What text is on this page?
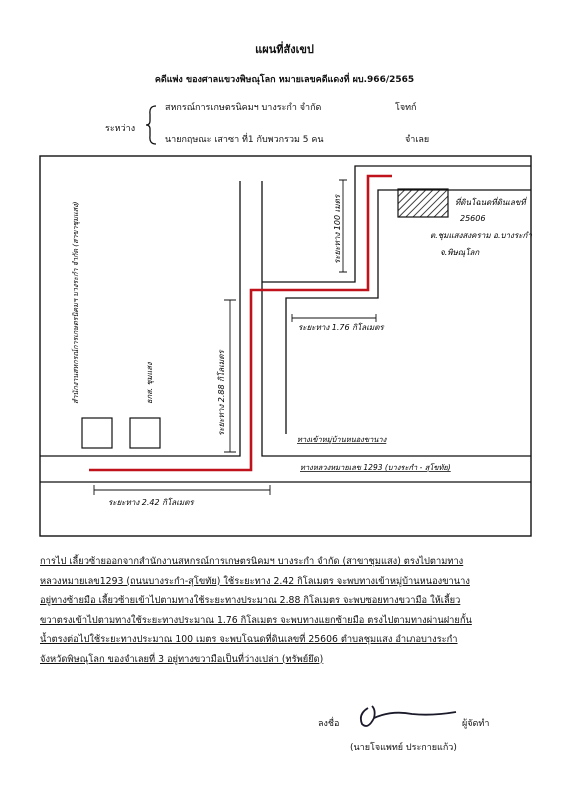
แผนที่สังเขป
คดีแพ่ง ของศาลแขวงพิษณุโลก หมายเลขคดีแดงที่ ผบ.966/2565
ระหว่าง
สหกรณ์การเกษตรนิคมฯ บางระกำ จำกัด	โจทก์
นายกฤษณะ เสาซา ที่1 กับพวกรวม 5 คน	จำเลย
ที่ดินโฉนดที่ดินเลขที่
25606
ต.ชุมแสงสงคราม อ.บางระกำ
จ.พิษณุโลก
ระยะทาง 100 เมตร
ระยะทาง 1.76 กิโลเมตร
ระยะทาง 2.88 กิโลเมตร
ระยะทาง 2.42 กิโลเมตร
สำนักงานสหกรณ์การเกษตรนิคมฯ บางระกำ จำกัด (สาขาชุมแสง)	ธกส. ชุมแสง
ทางเข้าหมู่บ้านหนองขานาง
ทางหลวงหมายเลข 1293 (บางระกำ - สุโขทัย)
การไป เลี้ยวซ้ายออกจากสำนักงานสหกรณ์การเกษตรนิคมฯ บางระกำ จำกัด (สาขาชุมแสง) ตรงไปตามทาง
หลวงหมายเลข1293 (ถนนบางระกำ-สุโขทัย) ใช้ระยะทาง 2.42 กิโลเมตร จะพบทางเข้าหมู่บ้านหนองขานาง
อยู่ทางซ้ายมือ เลี้ยวซ้ายเข้าไปตามทางใช้ระยะทางประมาณ 2.88 กิโลเมตร จะพบซอยทางขวามือ ให้เลี้ยว
ขวาตรงเข้าไปตามทางใช้ระยะทางประมาณ 1.76 กิโลเมตร จะพบทางแยกซ้ายมือ ตรงไปตามทางผ่านฝายกั้น
น้ำตรงต่อไปใช้ระยะทางประมาณ 100 เมตร จะพบโฉนดที่ดินเลขที่ 25606 ตำบลชุมแสง อำเภอบางระกำ
จังหวัดพิษณุโลก ของจำเลยที่ 3 อยู่ทางขวามือเป็นที่ว่างเปล่า (ทรัพย์ยึด)
ลงชื่อ	ผู้จัดทำ
(นายโจแพทย์ ประกายแก้ว)
